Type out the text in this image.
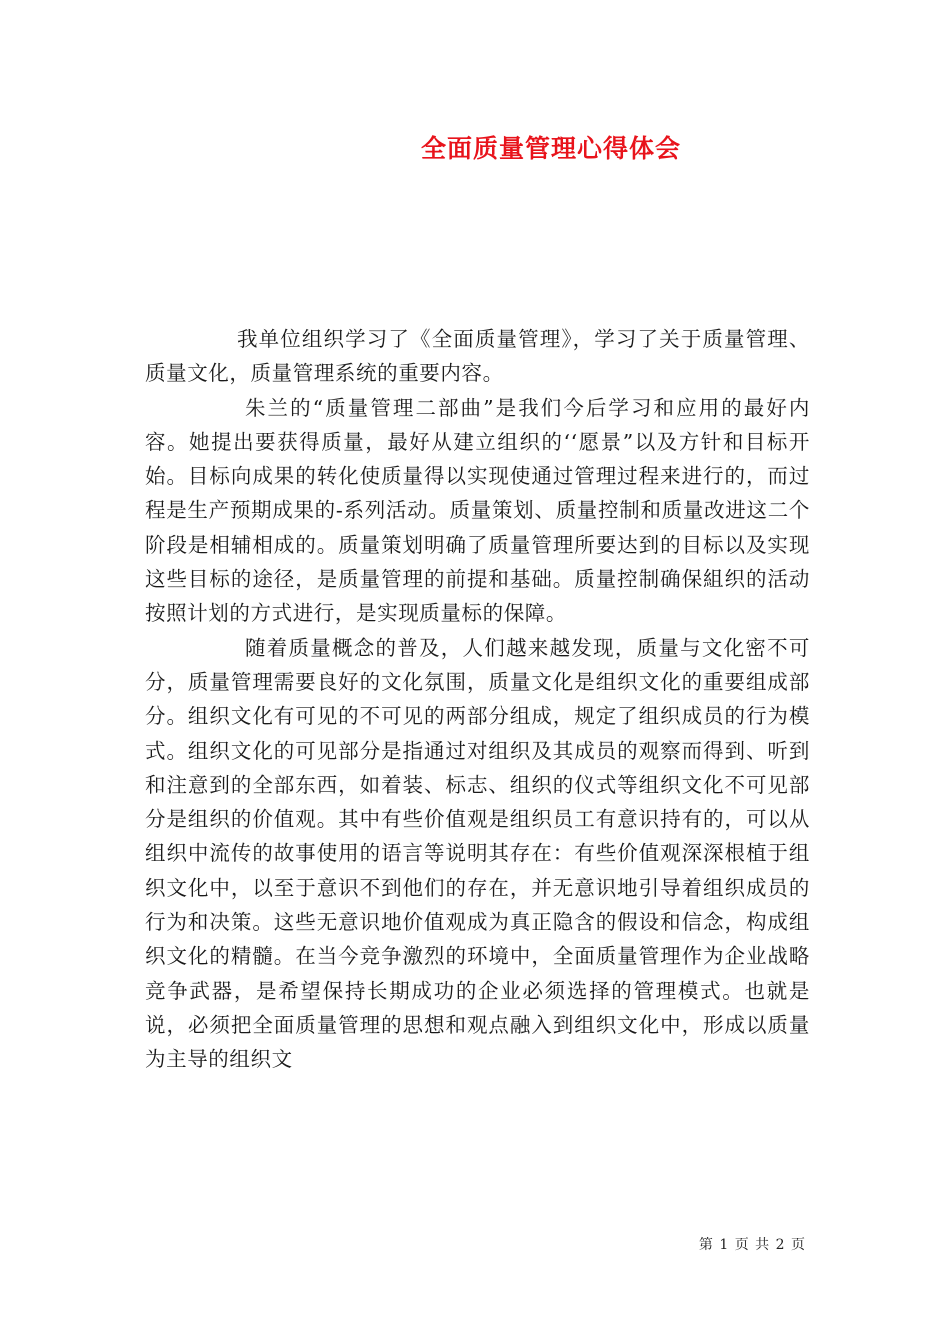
全面质量管理心得体会

我单位组织学习了《全面质量管理》，学习了关于质量管理、质量文化，质量管理系统的重要内容。

朱兰的“质量管理二部曲”是我们今后学习和应用的最好内容。她提出要获得质量，最好从建立组织的‘‘愿景”以及方针和目标开始。目标向成果的转化使质量得以实现使通过管理过程来进行的，而过程是生产预期成果的-系列活动。质量策划、质量控制和质量改进这二个阶段是相辅相成的。质量策划明确了质量管理所要达到的目标以及实现这些目标的途径，是质量管理的前提和基础。质量控制确保組织的活动按照计划的方式进行，是实现质量标的保障。

随着质量概念的普及，人们越来越发现，质量与文化密不可分，质量管理需要良好的文化氛围，质量文化是组织文化的重要组成部分。组织文化有可见的不可见的两部分组成，规定了组织成员的行为模式。组织文化的可见部分是指通过对组织及其成员的观察而得到、听到和注意到的全部东西，如着装、标志、组织的仪式等组织文化不可见部分是组织的价值观。其中有些价值观是组织员工有意识持有的，可以从组织中流传的故事使用的语言等说明其存在：有些价值观深深根植于组织文化中，以至于意识不到他们的存在，并无意识地引导着组织成员的行为和决策。这些无意识地价值观成为真正隐含的假设和信念，构成组织文化的精髓。在当今竞争激烈的环境中，全面质量管理作为企业战略竞争武器，是希望保持长期成功的企业必须选择的管理模式。也就是说，必须把全面质量管理的思想和观点融入到组织文化中，形成以质量为主导的组织文

第 1 页 共 2 页
